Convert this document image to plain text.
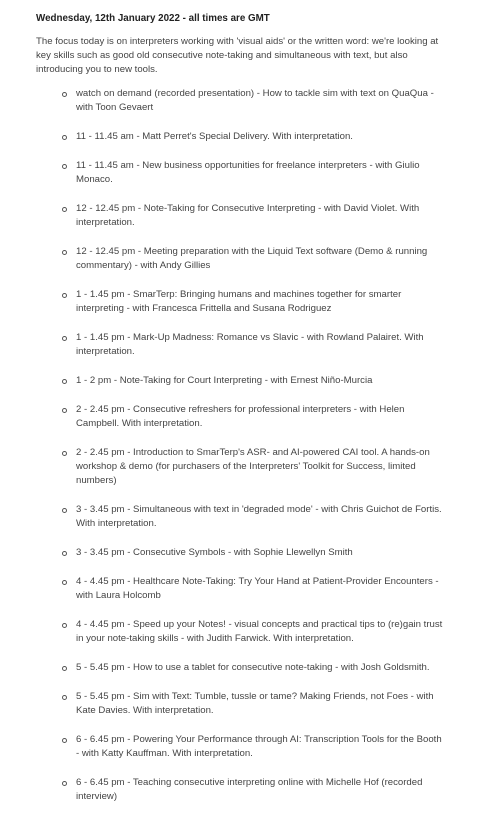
Wednesday, 12th January 2022 - all times are GMT
The focus today is on interpreters working with 'visual aids' or the written word: we're looking at key skills such as good old consecutive note-taking and simultaneous with text, but also introducing you to new tools.
watch on demand (recorded presentation) - How to tackle sim with text on QuaQua - with Toon Gevaert
11 - 11.45 am - Matt Perret's Special Delivery. With interpretation.
11 - 11.45 am - New business opportunities for freelance interpreters - with Giulio Monaco.
12 - 12.45 pm - Note-Taking for Consecutive Interpreting - with David Violet. With interpretation.
12 - 12.45 pm - Meeting preparation with the Liquid Text software (Demo & running commentary) - with Andy Gillies
1 - 1.45 pm - SmarTerp: Bringing humans and machines together for smarter interpreting - with Francesca Frittella and Susana Rodriguez
1 - 1.45 pm - Mark-Up Madness: Romance vs Slavic - with Rowland Palairet. With interpretation.
1 - 2 pm - Note-Taking for Court Interpreting - with Ernest Niño-Murcia
2 - 2.45 pm - Consecutive refreshers for professional interpreters - with Helen Campbell. With interpretation.
2 - 2.45 pm - Introduction to SmarTerp's ASR- and AI-powered CAI tool. A hands-on workshop & demo (for purchasers of the Interpreters' Toolkit for Success, limited numbers)
3 - 3.45 pm - Simultaneous with text in 'degraded mode' - with Chris Guichot de Fortis. With interpretation.
3 - 3.45 pm - Consecutive Symbols - with Sophie Llewellyn Smith
4 - 4.45 pm - Healthcare Note-Taking: Try Your Hand at Patient-Provider Encounters - with Laura Holcomb
4 - 4.45 pm - Speed up your Notes! - visual concepts and practical tips to (re)gain trust in your note-taking skills - with Judith Farwick. With interpretation.
5 - 5.45 pm - How to use a tablet for consecutive note-taking - with Josh Goldsmith.
5 - 5.45 pm - Sim with Text: Tumble, tussle or tame? Making Friends, not Foes - with Kate Davies. With interpretation.
6 - 6.45 pm - Powering Your Performance through AI: Transcription Tools for the Booth - with Katty Kauffman. With interpretation.
6 - 6.45 pm - Teaching consecutive interpreting online with Michelle Hof (recorded interview)
